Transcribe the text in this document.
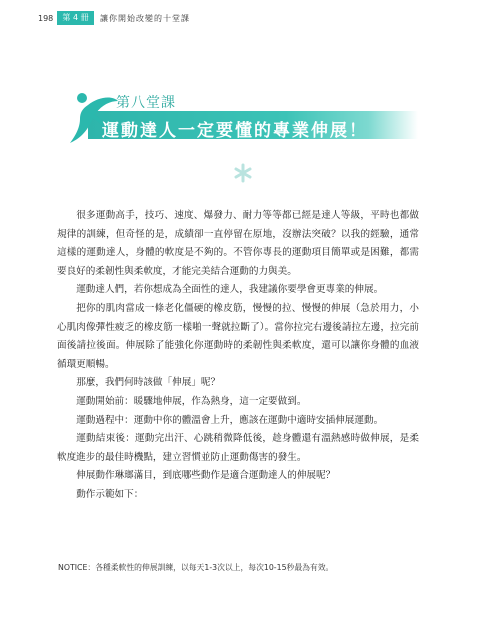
198	第 4 冊	讓你開始改變的十堂課
第八堂課
運動達人一定要懂的專業伸展！

很多運動高手，技巧、速度、爆發力、耐力等等都已經是達人等級，平時也都做規律的訓練，但奇怪的是，成績卻一直停留在原地，沒辦法突破？以我的經驗，通常這樣的運動達人，身體的軟度是不夠的。不管你專長的運動項目簡單或是困難，都需要良好的柔韌性與柔軟度，才能完美結合運動的力與美。

運動達人們，若你想成為全面性的達人，我建議你要學會更專業的伸展。

把你的肌肉當成一條老化僵硬的橡皮筋，慢慢的拉、慢慢的伸展（急於用力，小心肌肉像彈性疲乏的橡皮筋一樣啪一聲就拉斷了）。當你拉完右邊後請拉左邊，拉完前面後請拉後面。伸展除了能強化你運動時的柔韌性與柔軟度，還可以讓你身體的血液循環更順暢。

那麼，我們何時該做「伸展」呢？

運動開始前：暖驟地伸展，作為熱身，這一定要做到。

運動過程中：運動中你的體溫會上升，應該在運動中適時安插伸展運動。

運動結束後：運動完出汗、心跳稍微降低後，趁身體還有溫熱感時做伸展，是柔軟度進步的最佳時機點，建立習慣並防止運動傷害的發生。

伸展動作琳瑯滿目，到底哪些動作是適合運動達人的伸展呢？

動作示範如下：

NOTICE：各種柔軟性的伸展訓練，以每天1-3次以上，每次10-15秒最為有效。
